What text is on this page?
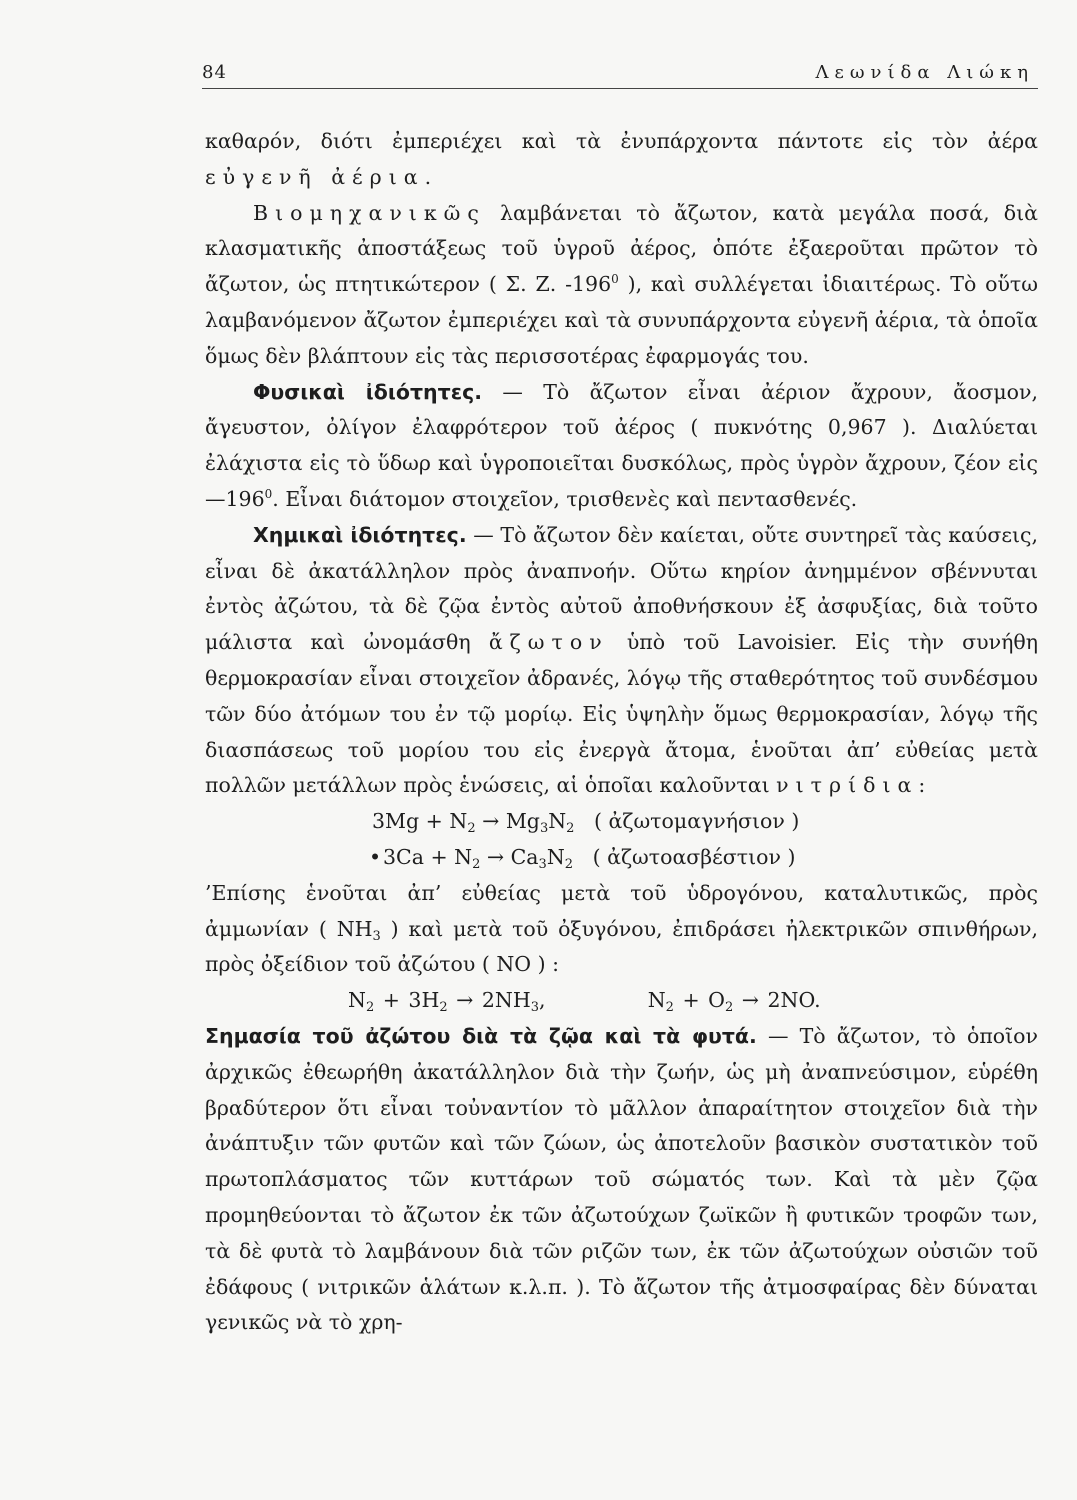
84	Λεωνίδα Λιώκη

καθαρόν, διότι ἐμπεριέχει καὶ τὰ ἐνυπάρχοντα πάντοτε εἰς τὸν ἀέρα εὐγενῆ ἀέρια.

Βιομηχανικῶς λαμβάνεται τὸ ἄζωτον, κατὰ μεγάλα ποσά, διὰ κλασματικῆς ἀποστάξεως τοῦ ὑγροῦ ἀέρος, ὁπότε ἐξαεροῦται πρῶτον τὸ ἄζωτον, ὡς πτητικώτερον ( Σ. Ζ. $-196^0$ ), καὶ συλλέγεται ἰδιαιτέρως. Τὸ οὕτω λαμβανόμενον ἄζωτον ἐμπεριέχει καὶ τὰ συνυπάρχοντα εὐγενῆ ἀέρια, τὰ ὁποῖα ὅμως δὲν βλάπτουν εἰς τὰς περισσοτέρας ἐφαρμογάς του.

Φυσικαὶ ἰδιότητες. — Τὸ ἄζωτον εἶναι ἀέριον ἄχρουν, ἄοσμον, ἄγευστον, ὀλίγον ἐλαφρότερον τοῦ ἀέρος ( πυκνότης 0,967 ). Διαλύεται ἐλάχιστα εἰς τὸ ὕδωρ καὶ ὑγροποιεῖται δυσκόλως, πρὸς ὑγρὸν ἄχρουν, ζέον εἰς $—196^0$. Εἶναι διάτομον στοιχεῖον, τρισθενὲς καὶ πεντασθενές.

Χημικαὶ ἰδιότητες. — Τὸ ἄζωτον δὲν καίεται, οὔτε συντηρεῖ τὰς καύσεις, εἶναι δὲ ἀκατάλληλον πρὸς ἀναπνοήν. Οὕτω κηρίον ἀνημμένον σβέννυται ἐντὸς ἀζώτου, τὰ δὲ ζῷα ἐντὸς αὐτοῦ ἀποθνήσκουν ἐξ ἀσφυξίας, διὰ τοῦτο μάλιστα καὶ ὠνομάσθη ἄζωτον ὑπὸ τοῦ Lavoisier. Εἰς τὴν συνήθη θερμοκρασίαν εἶναι στοιχεῖον ἀδρανές, λόγῳ τῆς σταθερότητος τοῦ συνδέσμου τῶν δύο ἀτόμων του ἐν τῷ μορίῳ. Εἰς ὑψηλὴν ὅμως θερμοκρασίαν, λόγῳ τῆς διασπάσεως τοῦ μορίου του εἰς ἐνεργὰ ἄτομα, ἑνοῦται ἀπ’ εὐθείας μετὰ πολλῶν μετάλλων πρὸς ἑνώσεις, αἱ ὁποῖαι καλοῦνται νιτρίδια:

$3Mg + N_2 \to Mg_3N_2$ ( ἀζωτομαγνήσιον )
•3Ca + $N_2 \to Ca_3N_2$ ( ἀζωτοασβέστιον )

’Επίσης ἑνοῦται ἀπ’ εὐθείας μετὰ τοῦ ὑδρογόνου, καταλυτικῶς, πρὸς ἀμμωνίαν ( $NH_3$ ) καὶ μετὰ τοῦ ὀξυγόνου, ἐπιδράσει ἠλεκτρικῶν σπινθήρων, πρὸς ὀξείδιον τοῦ ἀζώτου ( NO ) :

$N_2 + 3H_2 \to 2NH_3$,	$N_2 + O_2 \to 2NO$.

Σημασία τοῦ ἀζώτου διὰ τὰ ζῷα καὶ τὰ φυτά. — Τὸ ἄζωτον, τὸ ὁποῖον ἀρχικῶς ἐθεωρήθη ἀκατάλληλον διὰ τὴν ζωήν, ὡς μὴ ἀναπνεύσιμον, εὑρέθη βραδύτερον ὅτι εἶναι τοὐναντίον τὸ μᾶλλον ἀπαραίτητον στοιχεῖον διὰ τὴν ἀνάπτυξιν τῶν φυτῶν καὶ τῶν ζώων, ὡς ἀποτελοῦν βασικὸν συστατικὸν τοῦ πρωτοπλάσματος τῶν κυττάρων τοῦ σώματός των. Καὶ τὰ μὲν ζῷα προμηθεύονται τὸ ἄζωτον ἐκ τῶν ἀζωτούχων ζωϊκῶν ἢ φυτικῶν τροφῶν των, τὰ δὲ φυτὰ τὸ λαμβάνουν διὰ τῶν ριζῶν των, ἐκ τῶν ἀζωτούχων οὐσιῶν τοῦ ἐδάφους ( νιτρικῶν ἁλάτων κ.λ.π. ). Τὸ ἄζωτον τῆς ἀτμοσφαίρας δὲν δύναται γενικῶς νὰ τὸ χρη-
